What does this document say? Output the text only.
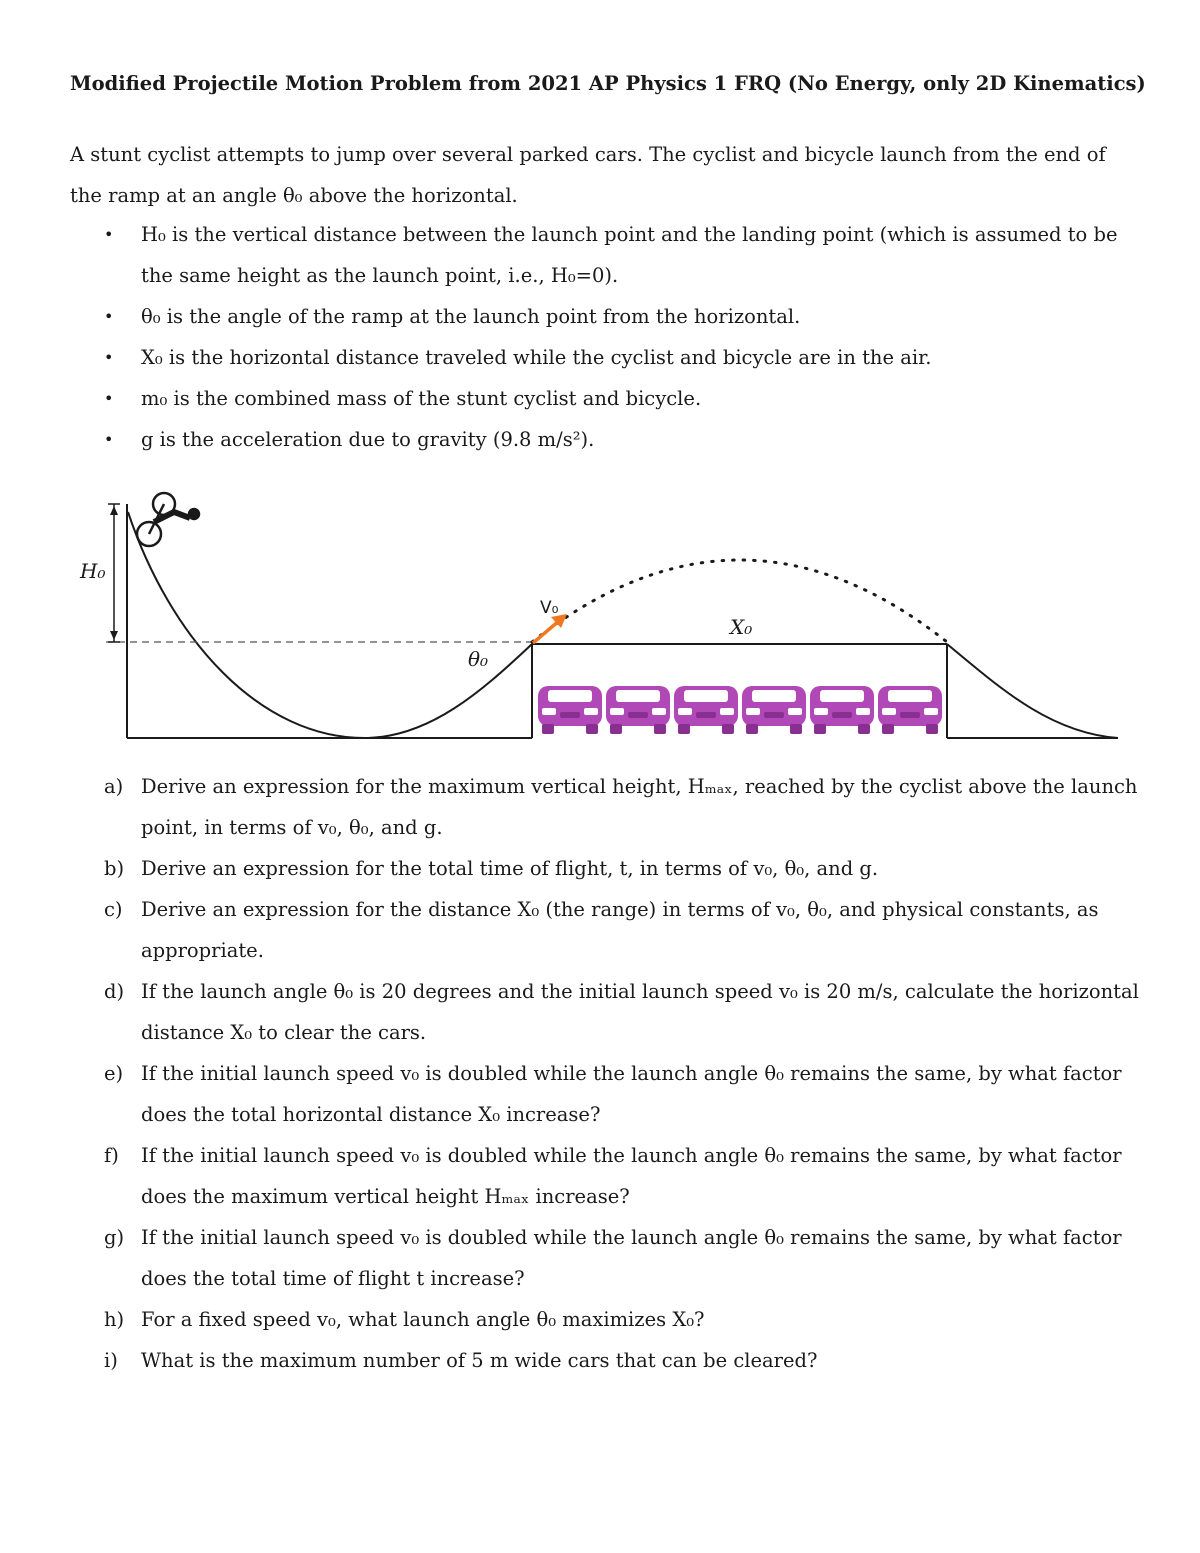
Modified Projectile Motion Problem from 2021 AP Physics 1 FRQ (No Energy, only 2D Kinematics)
A stunt cyclist attempts to jump over several parked cars. The cyclist and bicycle launch from the end of the ramp at an angle θ₀ above the horizontal.
• H₀ is the vertical distance between the launch point and the landing point (which is assumed to be the same height as the launch point, i.e., H₀=0).
• θ₀ is the angle of the ramp at the launch point from the horizontal.
• X₀ is the horizontal distance traveled while the cyclist and bicycle are in the air.
• m₀ is the combined mass of the stunt cyclist and bicycle.
• g is the acceleration due to gravity (9.8 m/s²).
H₀
θ₀
V₀
X₀
a) Derive an expression for the maximum vertical height, Hₘₐₓ, reached by the cyclist above the launch point, in terms of v₀, θ₀, and g.
b) Derive an expression for the total time of flight, t, in terms of v₀, θ₀, and g.
c) Derive an expression for the distance X₀ (the range) in terms of v₀, θ₀, and physical constants, as appropriate.
d) If the launch angle θ₀ is 20 degrees and the initial launch speed v₀ is 20 m/s, calculate the horizontal distance X₀ to clear the cars.
e) If the initial launch speed v₀ is doubled while the launch angle θ₀ remains the same, by what factor does the total horizontal distance X₀ increase?
f) If the initial launch speed v₀ is doubled while the launch angle θ₀ remains the same, by what factor does the maximum vertical height Hₘₐₓ increase?
g) If the initial launch speed v₀ is doubled while the launch angle θ₀ remains the same, by what factor does the total time of flight t increase?
h) For a fixed speed v₀, what launch angle θ₀ maximizes X₀?
i) What is the maximum number of 5 m wide cars that can be cleared?
